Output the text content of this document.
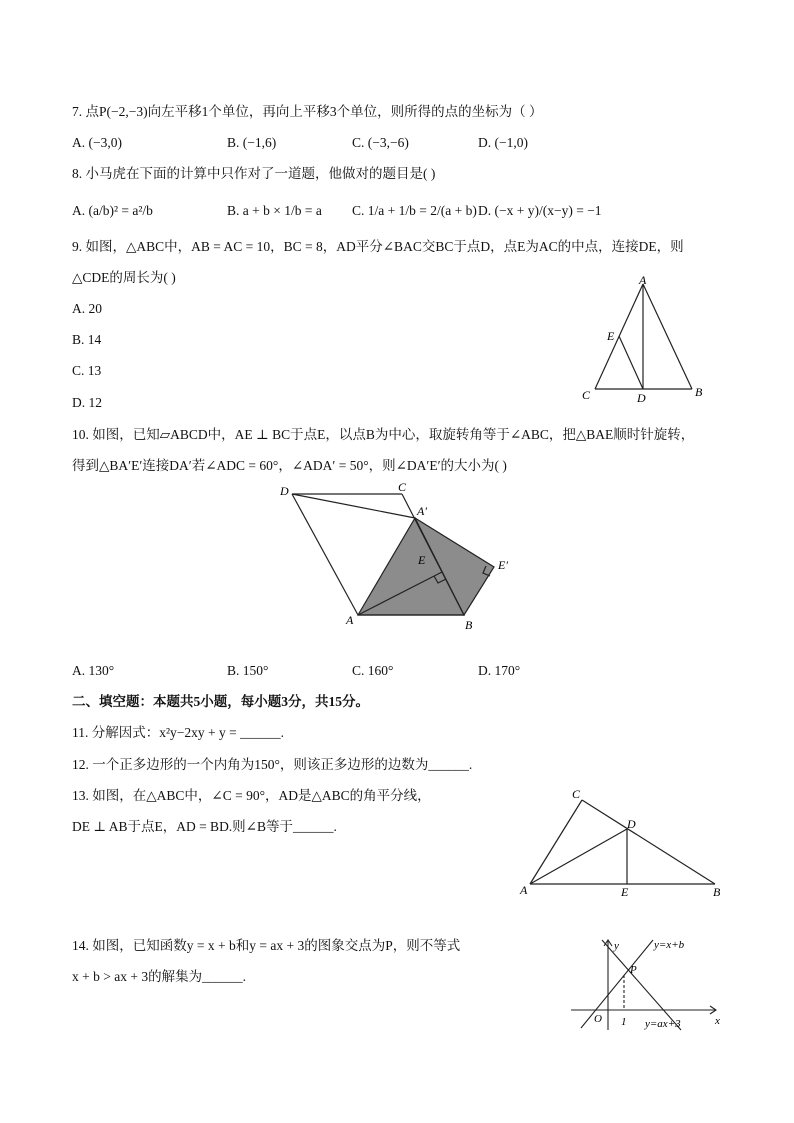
7. 点P(−2,−3)向左平移1个单位，再向上平移3个单位，则所得的点的坐标为（ ）
A. (−3,0)	B. (−1,6)	C. (−3,−6)	D. (−1,0)
8. 小马虎在下面的计算中只作对了一道题，他做对的题目是( )
A. (a/b)² = a²/b	B. a + b × 1/b = a C. 1/a + 1/b = 2/(a + b) D. (−x + y)/(x−y) = −1
9. 如图，△ABC中，AB = AC = 10，BC = 8，AD平分∠BAC交BC于点D，点E为AC的中点，连接DE，则
△CDE的周长为( )
A. 20
B. 14
C. 13
D. 12
A
B
C	D
E
10. 如图，已知▱ABCD中，AE ⊥ BC于点E，以点B为中心，取旋转角等于∠ABC，把△BAE顺时针旋转，
得到△BA′E′连接DA′若∠ADC = 60°，∠ADA′ = 50°，则∠DA′E′的大小为( )
D	C
A′
E	E′
A	B
A. 130°	B. 150°	C. 160°	D. 170°
二、填空题：本题共5小题，每小题3分，共15分。
11. 分解因式：x²y−2xy + y = ______.
12. 一个正多边形的一个内角为150°，则该正多边形的边数为______.
13. 如图，在△ABC中，∠C = 90°，AD是△ABC的角平分线，
DE ⊥ AB于点E，AD = BD.则∠B等于______.
C
D
A	E	B
14. 如图，已知函数y = x + b和y = ax + 3的图象交点为P，则不等式
x + b > ax + 3的解集为______.
y
x
O 1
P
y=x+b
y=ax+3
